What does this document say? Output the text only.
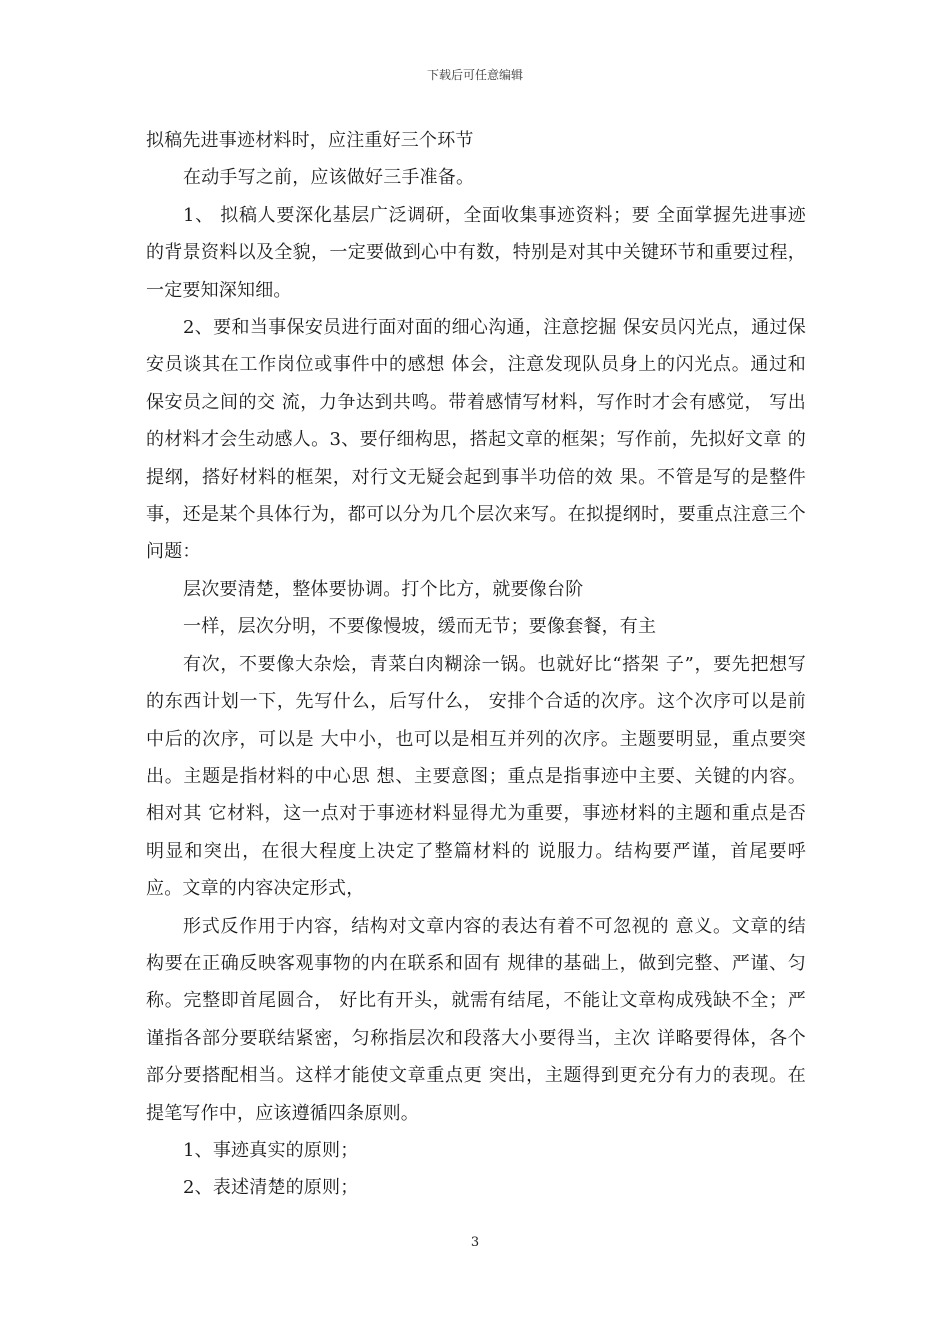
下载后可任意编辑

拟稿先进事迹材料时，应注重好三个环节

在动手写之前，应该做好三手准备。

1、 拟稿人要深化基层广泛调研，全面收集事迹资料；要 全面掌握先进事迹的背景资料以及全貌，一定要做到心中有数，特别是对其中关键环节和重要过程，一定要知深知细。

2、要和当事保安员进行面对面的细心沟通，注意挖掘 保安员闪光点，通过保安员谈其在工作岗位或事件中的感想 体会，注意发现队员身上的闪光点。通过和保安员之间的交 流，力争达到共鸣。带着感情写材料，写作时才会有感觉， 写出的材料才会生动感人。3、要仔细构思，搭起文章的框架；写作前，先拟好文章 的提纲，搭好材料的框架，对行文无疑会起到事半功倍的效 果。不管是写的是整件事，还是某个具体行为，都可以分为几个层次来写。在拟提纲时，要重点注意三个问题：

层次要清楚，整体要协调。打个比方，就要像台阶

一样，层次分明，不要像慢坡，缓而无节；要像套餐，有主

有次，不要像大杂烩，青菜白肉糊涂一锅。也就好比“搭架 子”，要先把想写的东西计划一下，先写什么，后写什么， 安排个合适的次序。这个次序可以是前中后的次序，可以是 大中小，也可以是相互并列的次序。主题要明显，重点要突出。主题是指材料的中心思 想、主要意图；重点是指事迹中主要、关键的内容。相对其 它材料，这一点对于事迹材料显得尤为重要，事迹材料的主题和重点是否明显和突出，在很大程度上决定了整篇材料的 说服力。结构要严谨，首尾要呼应。文章的内容决定形式，

形式反作用于内容，结构对文章内容的表达有着不可忽视的 意义。文章的结构要在正确反映客观事物的内在联系和固有 规律的基础上，做到完整、严谨、匀称。完整即首尾圆合， 好比有开头，就需有结尾，不能让文章构成残缺不全；严谨指各部分要联结紧密，匀称指层次和段落大小要得当，主次 详略要得体，各个部分要搭配相当。这样才能使文章重点更 突出，主题得到更充分有力的表现。在提笔写作中，应该遵循四条原则。

1、事迹真实的原则；

2、表述清楚的原则；

3
